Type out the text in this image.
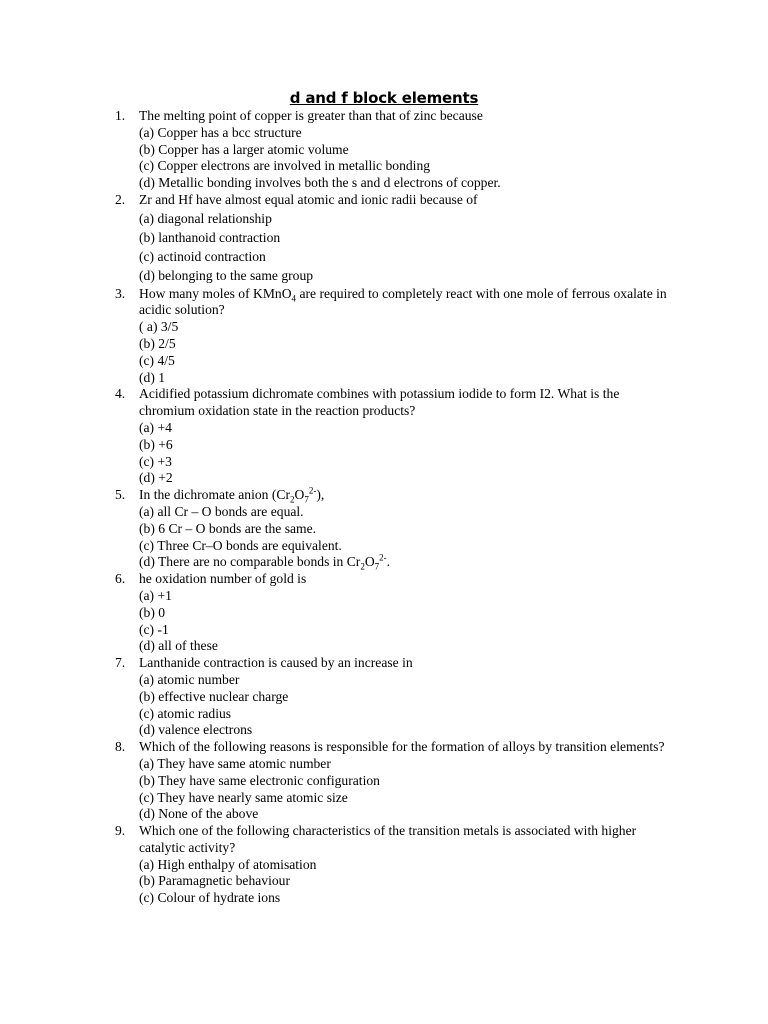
d and f block elements
1.	The melting point of copper is greater than that of zinc because
(a) Copper has a bcc structure
(b) Copper has a larger atomic volume
(c) Copper electrons are involved in metallic bonding
(d) Metallic bonding involves both the s and d electrons of copper.
2.	Zr and Hf have almost equal atomic and ionic radii because of
(a) diagonal relationship
(b) lanthanoid contraction
(c) actinoid contraction
(d) belonging to the same group
3.	How many moles of KMnO$_4$ are required to completely react with one mole of ferrous oxalate in acidic solution?
( a) 3/5
(b) 2/5
(c) 4/5
(d) 1
4.	Acidified potassium dichromate combines with potassium iodide to form I2. What is the chromium oxidation state in the reaction products?
(a) +4
(b) +6
(c) +3
(d) +2
5.	In the dichromate anion $(Cr_2O_7^{2-})$,
(a) all Cr – O bonds are equal.
(b) 6 Cr – O bonds are the same.
(c) Three Cr–O bonds are equivalent.
(d) There are no comparable bonds in $Cr_2O_7^{2-}$.
6.	he oxidation number of gold is
(a) +1
(b) 0
(c) -1
(d) all of these
7.	Lanthanide contraction is caused by an increase in
(a) atomic number
(b) effective nuclear charge
(c) atomic radius
(d) valence electrons
8.	Which of the following reasons is responsible for the formation of alloys by transition elements?
(a) They have same atomic number
(b) They have same electronic configuration
(c) They have nearly same atomic size
(d) None of the above
9.	Which one of the following characteristics of the transition metals is associated with higher catalytic activity?
(a) High enthalpy of atomisation
(b) Paramagnetic behaviour
(c) Colour of hydrate ions
